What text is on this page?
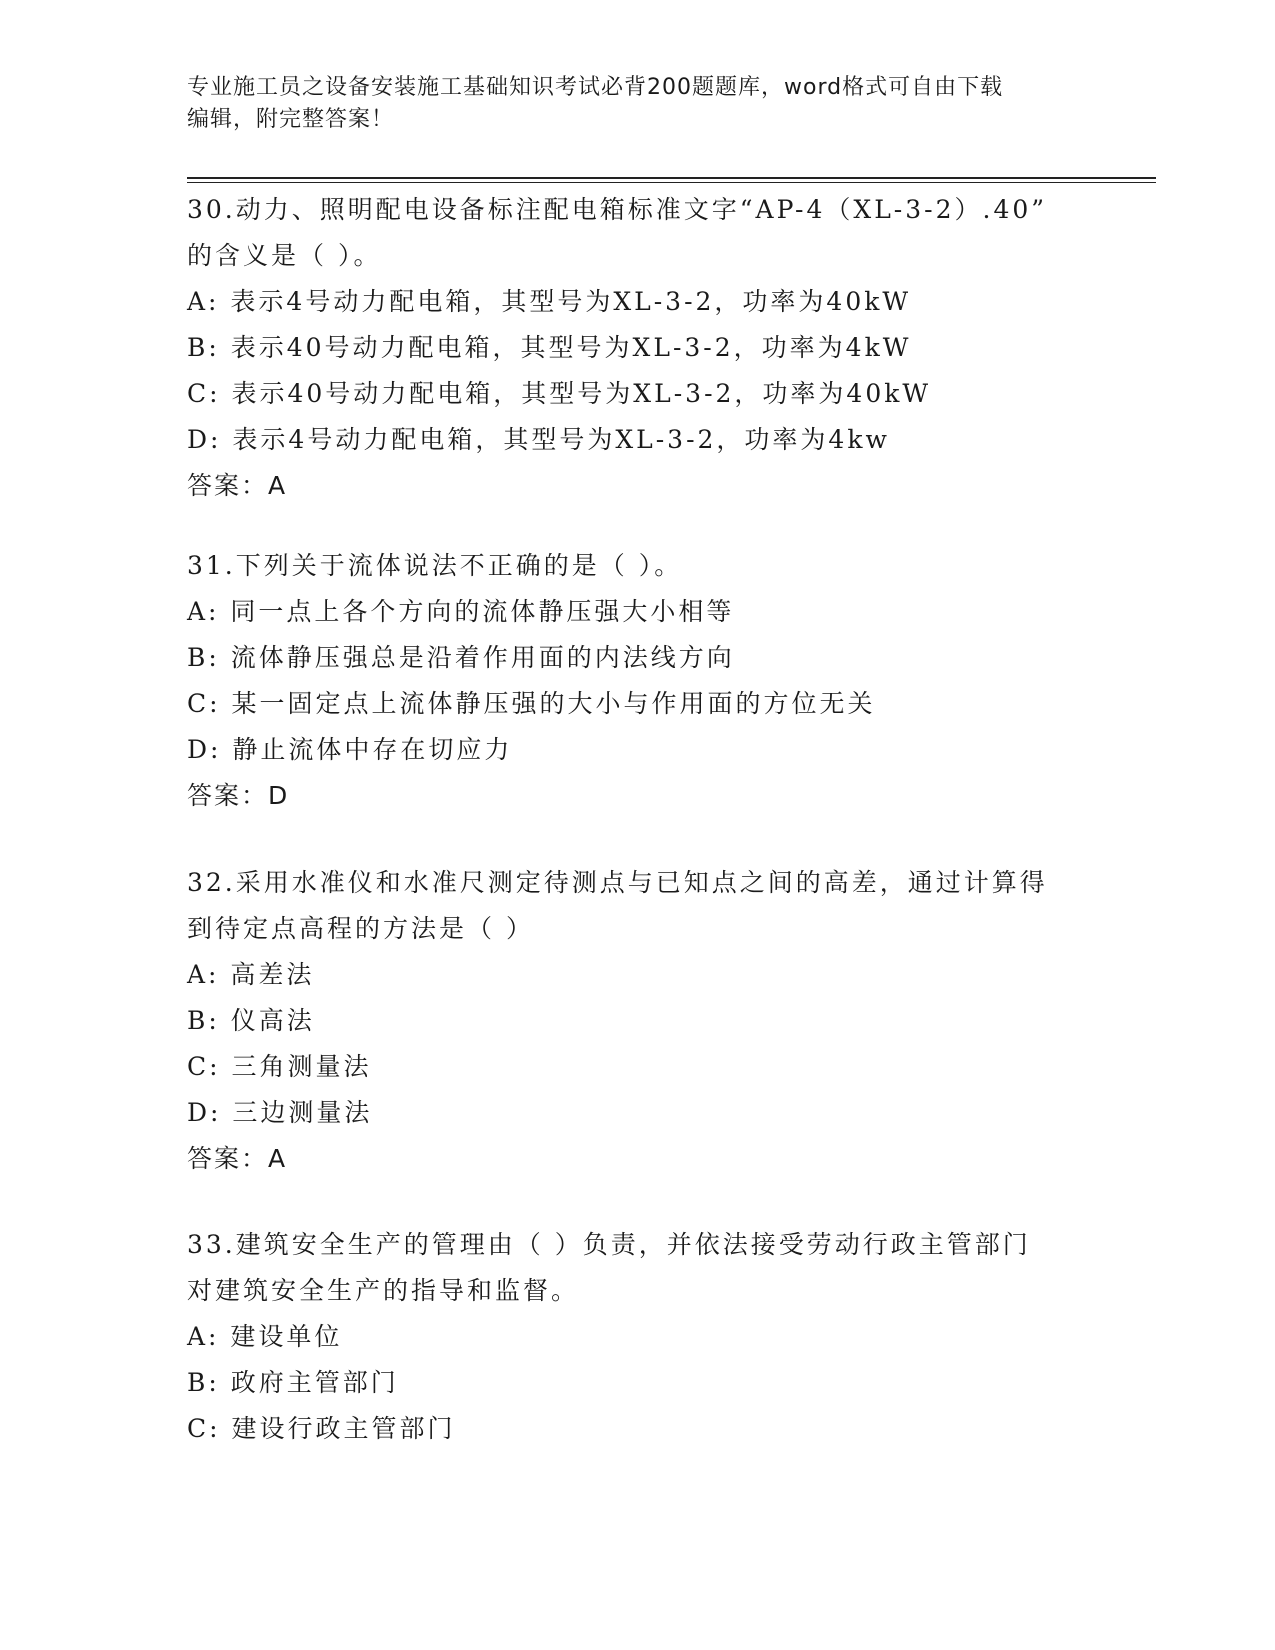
专业施工员之设备安装施工基础知识考试必背200题题库，word格式可自由下载
编辑，附完整答案！

30.动力、照明配电设备标注配电箱标准文字“AP-4（XL-3-2）.40”

的含义是（ ）。

A: 表示4号动力配电箱，其型号为XL-3-2，功率为40kW

B: 表示40号动力配电箱，其型号为XL-3-2，功率为4kW

C: 表示40号动力配电箱，其型号为XL-3-2，功率为40kW

D: 表示4号动力配电箱，其型号为XL-3-2，功率为4kw

答案：A

31.下列关于流体说法不正确的是（ ）。

A: 同一点上各个方向的流体静压强大小相等

B: 流体静压强总是沿着作用面的内法线方向

C: 某一固定点上流体静压强的大小与作用面的方位无关

D: 静止流体中存在切应力

答案：D

32.采用水准仪和水准尺测定待测点与已知点之间的高差，通过计算得

到待定点高程的方法是（ ）

A: 高差法

B: 仪高法

C: 三角测量法

D: 三边测量法

答案：A

33.建筑安全生产的管理由（ ）负责，并依法接受劳动行政主管部门

对建筑安全生产的指导和监督。

A: 建设单位

B: 政府主管部门

C: 建设行政主管部门
